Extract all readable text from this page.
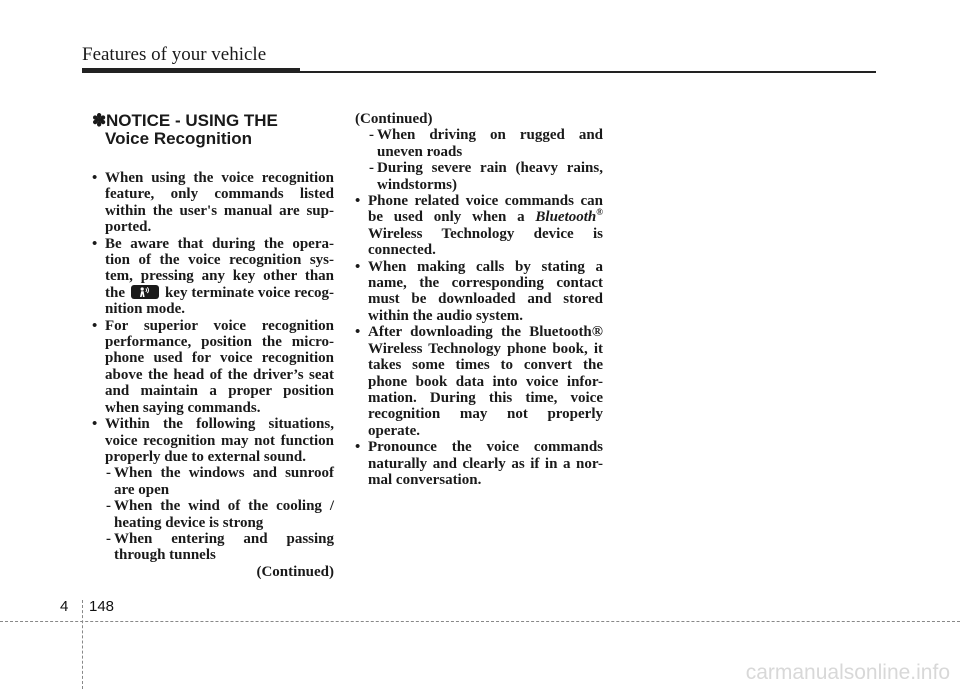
Features of your vehicle
✽NOTICE - USING THE
Voice Recognition
• When using the voice recognition feature, only commands listed within the user's manual are sup-ported.
• Be aware that during the opera-tion of the voice recognition sys-tem, pressing any key other than the	key terminate voice recog-nition mode.
• For superior voice recognition performance, position the micro-phone used for voice recognition above the head of the driver’s seat and maintain a proper position when saying commands.
• Within the following situations, voice recognition may not function properly due to external sound.
- When the windows and sunroof are open
- When the wind of the cooling / heating device is strong
- When entering and passing through tunnels
(Continued)
(Continued)
- When driving on rugged and uneven roads
- During severe rain (heavy rains, windstorms)
• Phone related voice commands can be used only when a Bluetooth® Wireless Technology device is connected.
• When making calls by stating a name, the corresponding contact must be downloaded and stored within the audio system.
• After downloading the Bluetooth® Wireless Technology phone book, it takes some times to convert the phone book data into voice infor-mation. During this time, voice recognition may not properly operate.
• Pronounce the voice commands naturally and clearly as if in a nor-mal conversation.
4 148
carmanualsonline.info
